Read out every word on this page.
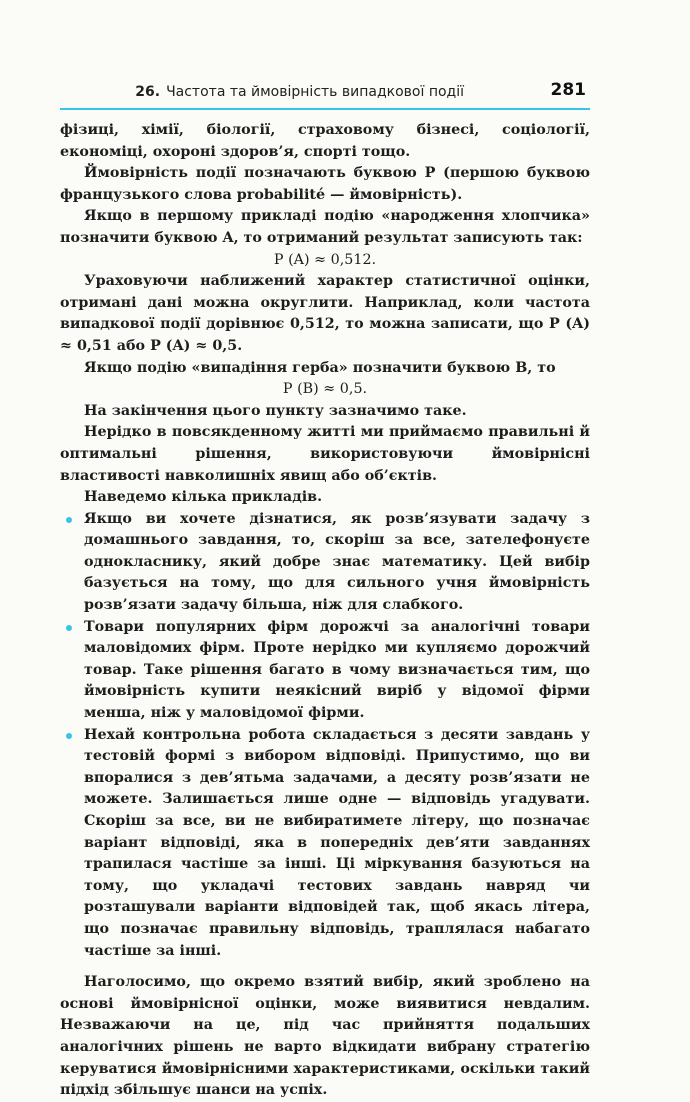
26. Частота та ймовірність випадкової події	281

фізиці, хімії, біології, страховому бізнесі, соціології, економіці, охороні здоров’я, спорті тощо.

Ймовірність події позначають буквою P (першою буквою французького слова probabilité — ймовірність).

Якщо в першому прикладі подію «народження хлопчика» позначити буквою A, то отриманий результат записують так:

P (A) ≈ 0,512.

Ураховуючи наближений характер статистичної оцінки, отримані дані можна округлити. Наприклад, коли частота випадкової події дорівнює 0,512, то можна записати, що P (A) ≈ 0,51 або P (A) ≈ 0,5.

Якщо подію «випадіння герба» позначити буквою B, то

P (B) ≈ 0,5.

На закінчення цього пункту зазначимо таке.

Нерідко в повсякденному житті ми приймаємо правильні й оптимальні рішення, використовуючи ймовірнісні властивості навколишніх явищ або об’єктів.

Наведемо кілька прикладів.

Якщо ви хочете дізнатися, як розв’язувати задачу з домашнього завдання, то, скоріш за все, зателефонуєте однокласнику, який добре знає математику. Цей вибір базується на тому, що для сильного учня ймовірність розв’язати задачу більша, ніж для слабкого.
Товари популярних фірм дорожчі за аналогічні товари маловідомих фірм. Проте нерідко ми купляємо дорожчий товар. Таке рішення багато в чому визначається тим, що ймовірність купити неякісний виріб у відомої фірми менша, ніж у маловідомої фірми.
Нехай контрольна робота складається з десяти завдань у тестовій формі з вибором відповіді. Припустимо, що ви впоралися з дев’ятьма задачами, а десяту розв’язати не можете. Залишається лише одне — відповідь угадувати. Скоріш за все, ви не вибиратимете літеру, що позначає варіант відповіді, яка в попередніх дев’яти завданнях трапилася частіше за інші. Ці міркування базуються на тому, що укладачі тестових завдань навряд чи розташували варіанти відповідей так, щоб якась літера, що позначає правильну відповідь, траплялася набагато частіше за інші.

Наголосимо, що окремо взятий вибір, який зроблено на основі ймовірнісної оцінки, може виявитися невдалим. Незважаючи на це, під час прийняття подальших аналогічних рішень не варто відкидати вибрану стратегію керуватися ймовірнісними характеристиками, оскільки такий підхід збільшує шанси на успіх.
